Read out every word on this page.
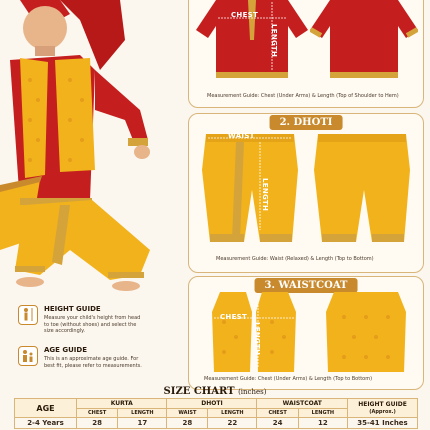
CHEST
LENGTH
Measurement Guide: Chest (Under Arms) & Length (Top of Shoulder to Hem)
2. DHOTI
WAIST
LENGTH
Measurement Guide: Waist (Relaxed) & Length (Top to Bottom)
3. WAISTCOAT
CHEST
LENGTH
Measurement Guide: Chest (Under Arms) & Length (Top to Bottom)
HEIGHT GUIDE
Measure your child's height from head to toe (without shoes) and select the size accordingly.
AGE GUIDE
This is an approximate age guide. For best fit, please refer to measurements.
SIZE CHART (inches)
AGE	KURTA		DHOTI		WAISTCOAT		HEIGHT GUIDE
(Approx.)
	CHEST	LENGTH	WAIST	LENGTH	CHEST	LENGTH	
2-4 Years	28	17	28	22	24	12	35-41 Inches
